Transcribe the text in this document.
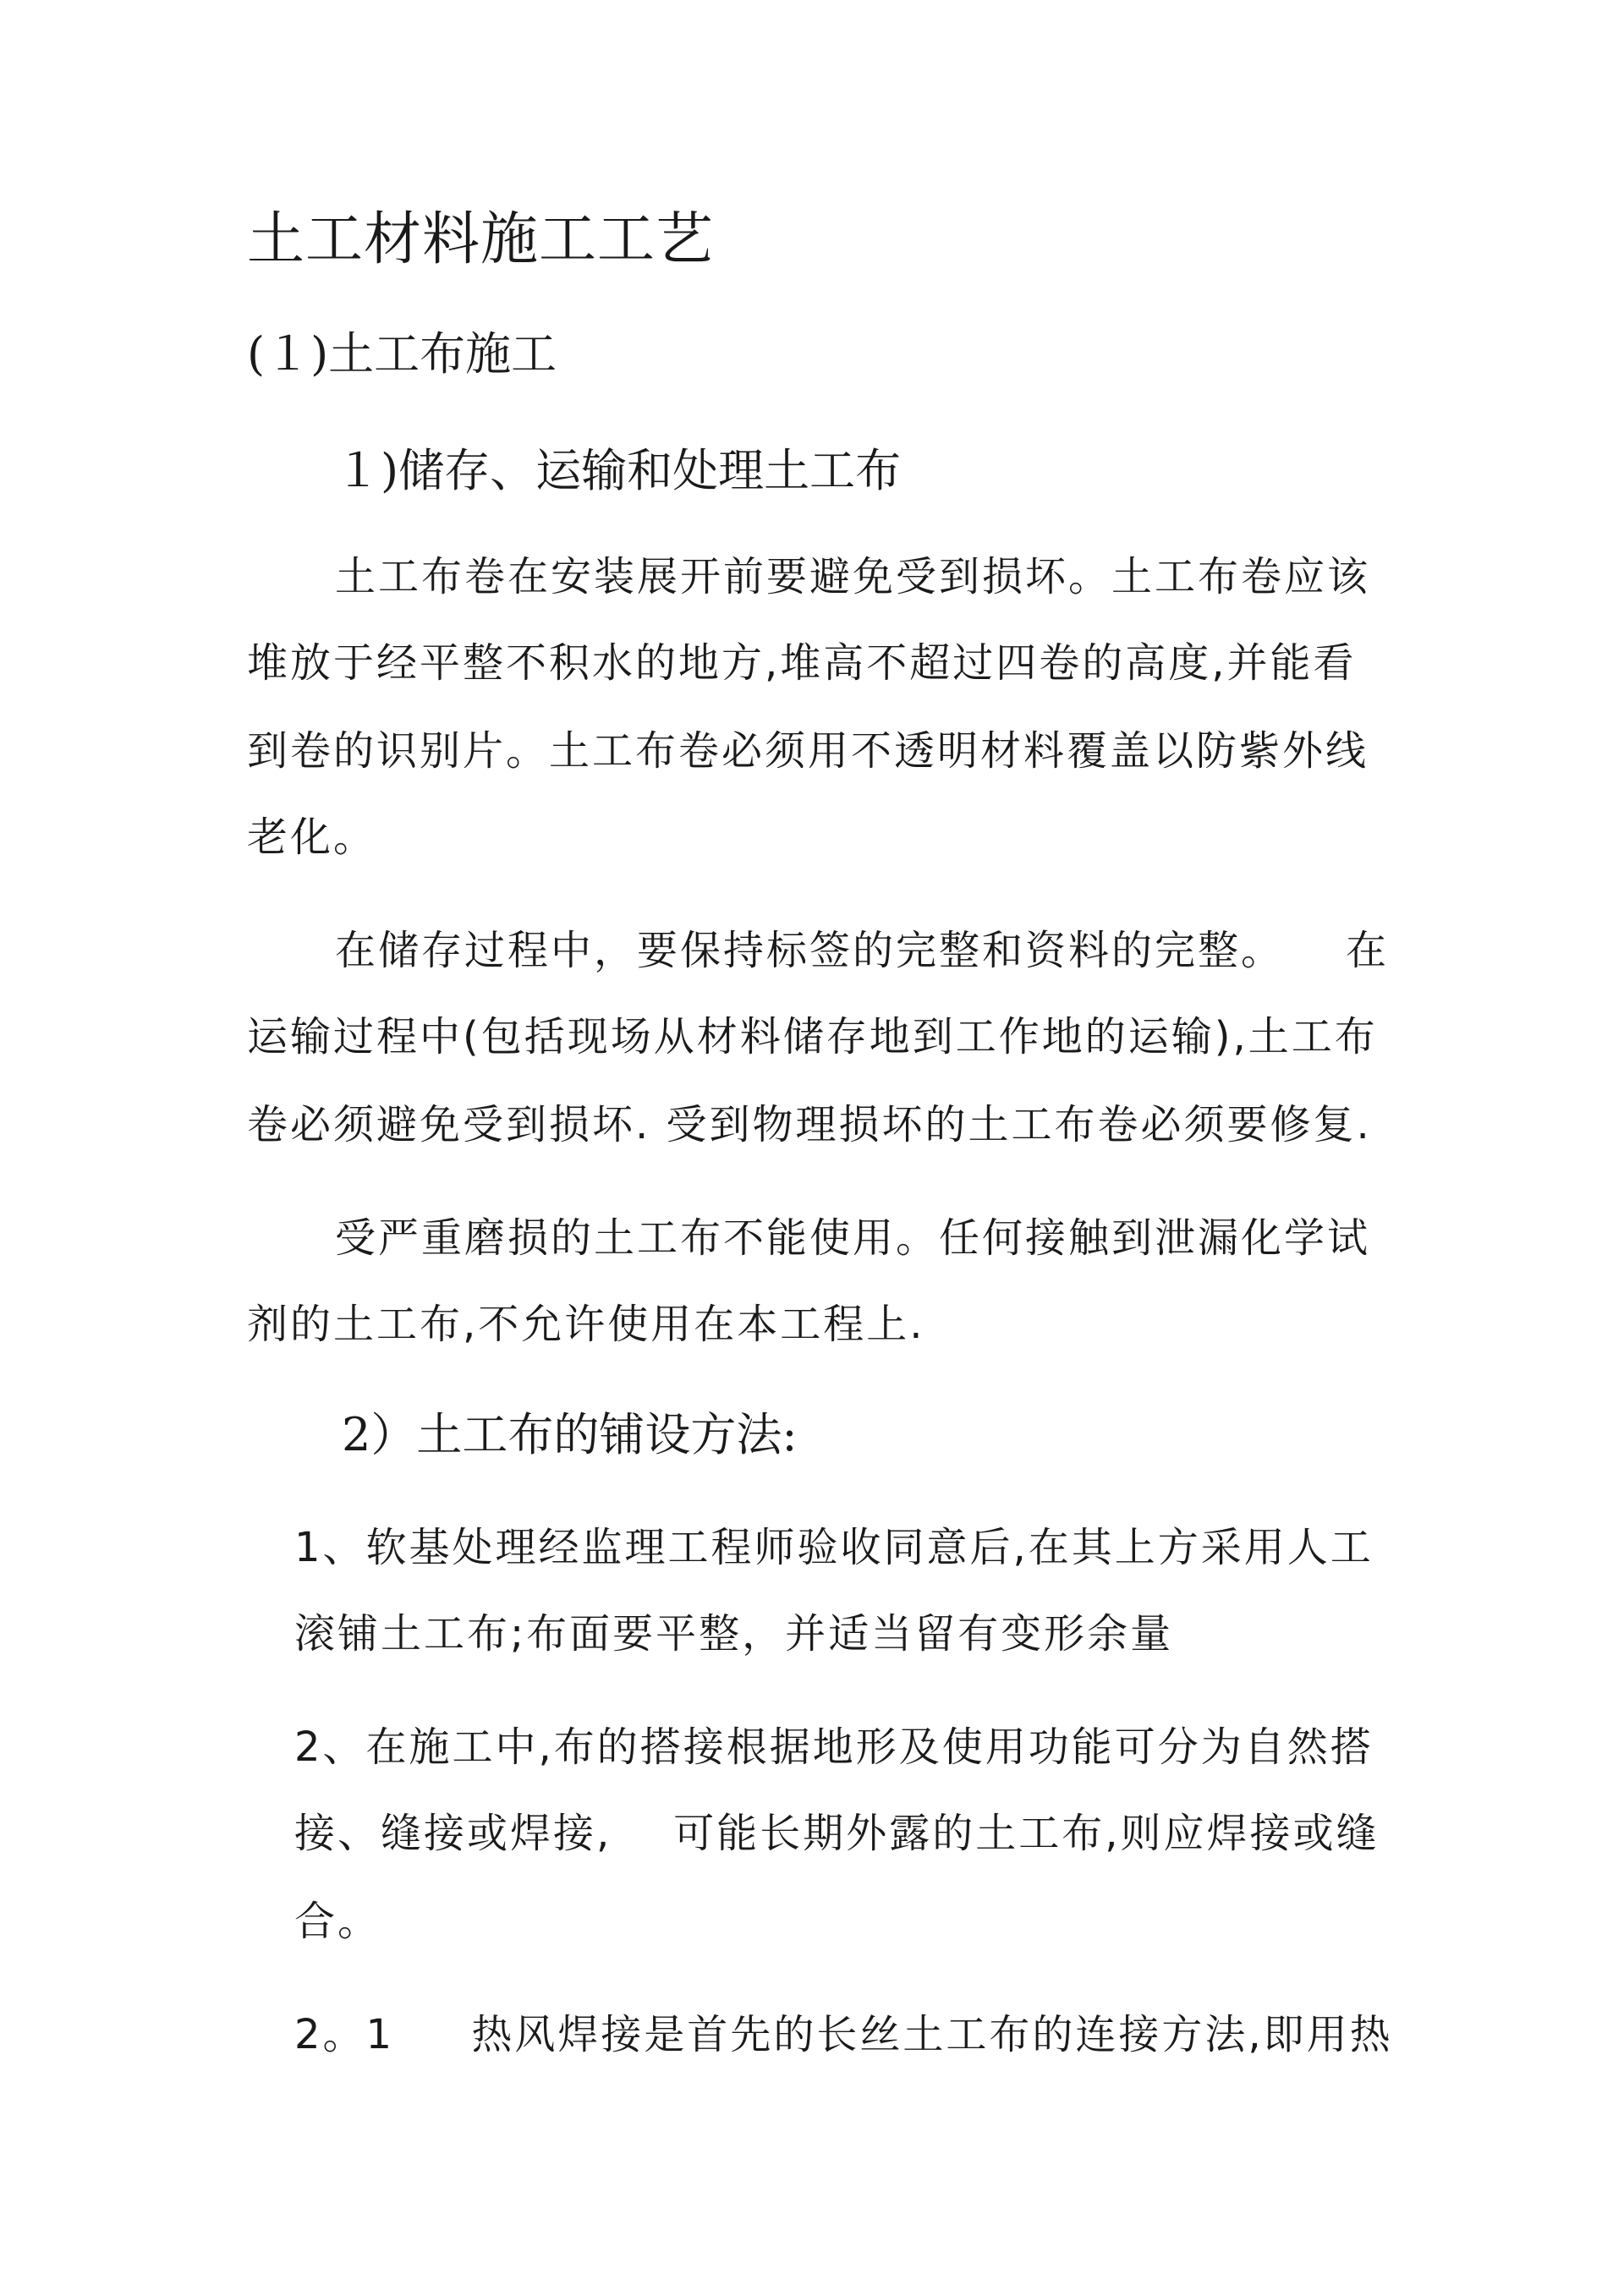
土工材料施工工艺
(１)土工布施工
１)储存、运输和处理土工布
土工布卷在安装展开前要避免受到损坏。土工布卷应该
堆放于经平整不积水的地方,堆高不超过四卷的高度,并能看
到卷的识别片。土工布卷必须用不透明材料覆盖以防紫外线
老化。
在储存过程中，要保持标签的完整和资料的完整。    在
运输过程中(包括现场从材料储存地到工作地的运输),土工布
卷必须避免受到损坏. 受到物理损坏的土工布卷必须要修复.
受严重磨损的土工布不能使用。任何接触到泄漏化学试
剂的土工布,不允许使用在本工程上.
2）土工布的铺设方法:
1、软基处理经监理工程师验收同意后,在其上方采用人工
滚铺土工布;布面要平整，并适当留有变形余量
2、在施工中,布的搭接根据地形及使用功能可分为自然搭
接、缝接或焊接,    可能长期外露的土工布,则应焊接或缝
合。
2。1     热风焊接是首先的长丝土工布的连接方法,即用热
